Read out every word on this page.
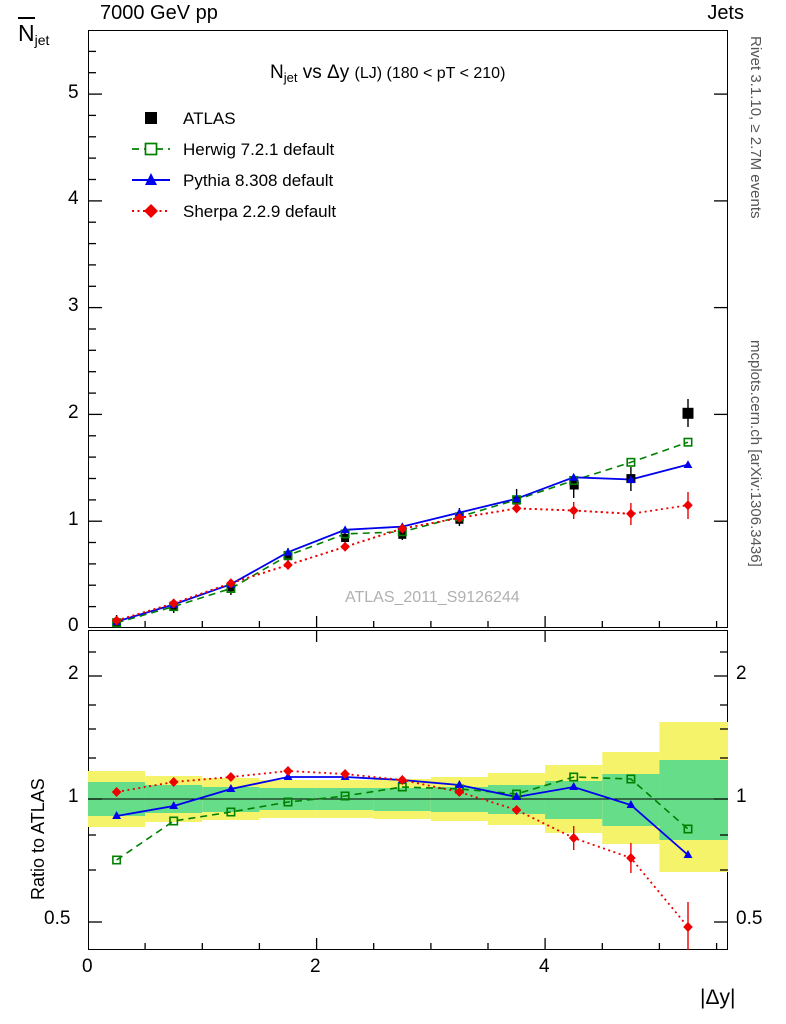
7000 GeV pp	Jets
Rivet 3.1.10, ≥ 2.7M events
mcplots.cern.ch [arXiv:1306.3436]
Njet
$N_{jet}$ vs Δy (LJ) (180 < pT < 210)
0
1
2
3
4
5
ATLAS
Herwig 7.2.1 default
Pythia 8.308 default
Sherpa 2.2.9 default
ATLAS_2011_S9126244
0.5
1
2
0.5
1
2
Ratio to ATLAS
0	2	4
|Δy|
